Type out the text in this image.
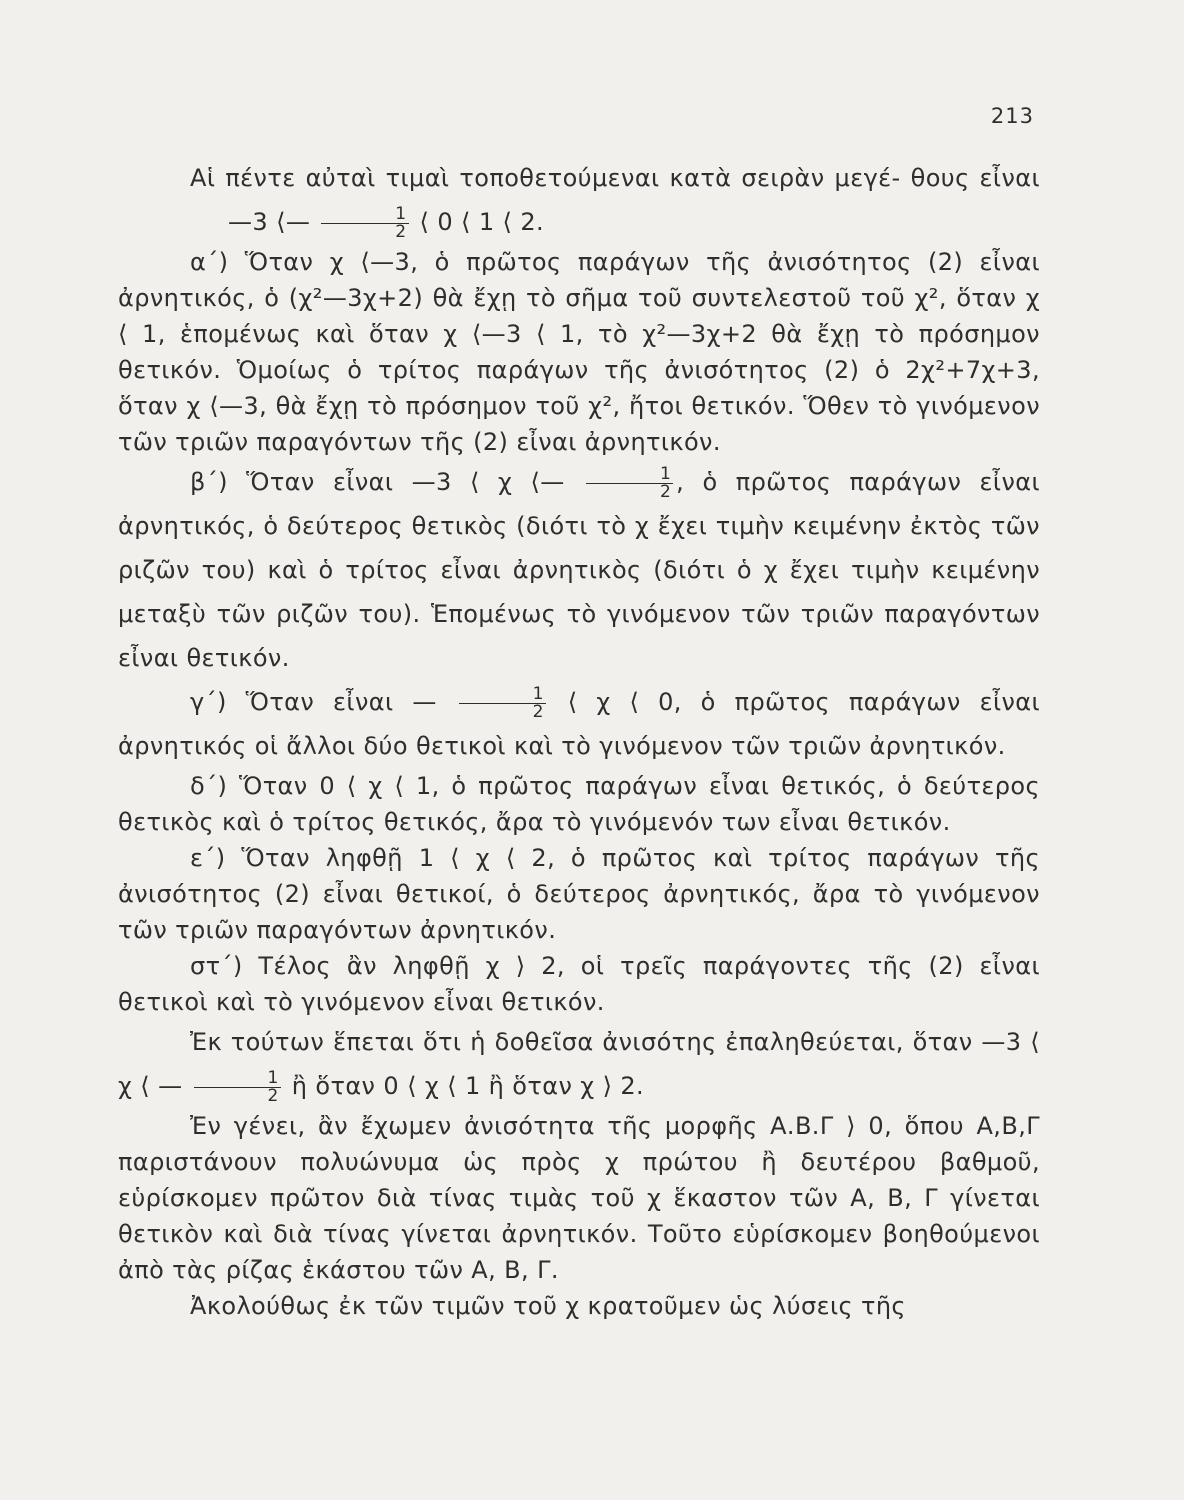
213

Αἱ πέντε αὐταὶ τιμαὶ τοποθετούμεναι κατὰ σειρὰν μεγέ- θους εἶναι—3 ⟨— $\frac{1}{2}$ ⟨ 0 ⟨ 1 ⟨ 2.

α΄) Ὅταν χ ⟨—3, ὁ πρῶτος παράγων τῆς ἀνισότητος (2) εἶναι ἀρνητικός, ὁ (χ²—3χ+2) θὰ ἔχῃ τὸ σῆμα τοῦ συντελεστοῦ τοῦ χ², ὅταν χ ⟨ 1, ἑπομένως καὶ ὅταν χ ⟨—3 ⟨ 1, τὸ χ²—3χ+2 θὰ ἔχῃ τὸ πρόσημον θετικόν. Ὁμοίως ὁ τρίτος παράγων τῆς ἀνισότητος (2) ὁ 2χ²+7χ+3, ὅταν χ ⟨—3, θὰ ἔχῃ τὸ πρόσημον τοῦ χ², ἤτοι θετικόν. Ὅθεν τὸ γινόμενον τῶν τριῶν παραγόντων τῆς (2) εἶναι ἀρνητικόν.

β΄) Ὅταν εἶναι —3 ⟨ χ ⟨— $\frac{1}{2}$ , ὁ πρῶτος παράγων εἶναι ἀρνητικός, ὁ δεύτερος θετικὸς (διότι τὸ χ ἔχει τιμὴν κειμένην ἐκτὸς τῶν ριζῶν του) καὶ ὁ τρίτος εἶναι ἀρνητικὸς (διότι ὁ χ ἔχει τιμὴν κειμένην μεταξὺ τῶν ριζῶν του). Ἑπομένως τὸ γινόμενον τῶν τριῶν παραγόντων εἶναι θετικόν.

γ΄) Ὅταν εἶναι — $\frac{1}{2}$ ⟨ χ ⟨ 0, ὁ πρῶτος παράγων εἶναι ἀρνητικός οἱ ἄλλοι δύο θετικοὶ καὶ τὸ γινόμενον τῶν τριῶν ἀρνητικόν.

δ΄) Ὅταν 0 ⟨ χ ⟨ 1, ὁ πρῶτος παράγων εἶναι θετικός, ὁ δεύτερος θετικὸς καὶ ὁ τρίτος θετικός, ἄρα τὸ γινόμενόν των εἶναι θετικόν.

ε΄) Ὅταν ληφθῇ 1 ⟨ χ ⟨ 2, ὁ πρῶτος καὶ τρίτος παράγων τῆς ἀνισότητος (2) εἶναι θετικοί, ὁ δεύτερος ἀρνητικός, ἄρα τὸ γινόμενον τῶν τριῶν παραγόντων ἀρνητικόν.

στ΄) Τέλος ἂν ληφθῇ χ ⟩ 2, οἱ τρεῖς παράγοντες τῆς (2) εἶναι θετικοὶ καὶ τὸ γινόμενον εἶναι θετικόν.

Ἐκ τούτων ἕπεται ὅτι ἡ δοθεῖσα ἀνισότης ἐπαληθεύεται, ὅταν —3 ⟨ χ ⟨ — $\frac{1}{2}$ ἢ ὅταν 0 ⟨ χ ⟨ 1 ἢ ὅταν χ ⟩ 2.

Ἐν γένει, ἂν ἔχωμεν ἀνισότητα τῆς μορφῆς Α.Β.Γ ⟩ 0, ὅπου Α,Β,Γ παριστάνουν πολυώνυμα ὡς πρὸς χ πρώτου ἢ δευτέρου βαθμοῦ, εὑρίσκομεν πρῶτον διὰ τίνας τιμὰς τοῦ χ ἕκαστον τῶν Α, Β, Γ γίνεται θετικὸν καὶ διὰ τίνας γίνεται ἀρνητικόν. Τοῦτο εὑρίσκομεν βοηθούμενοι ἀπὸ τὰς ρίζας ἑκάστου τῶν Α, Β, Γ.

Ἀκολούθως ἐκ τῶν τιμῶν τοῦ χ κρατοῦμεν ὡς λύσεις τῆς
